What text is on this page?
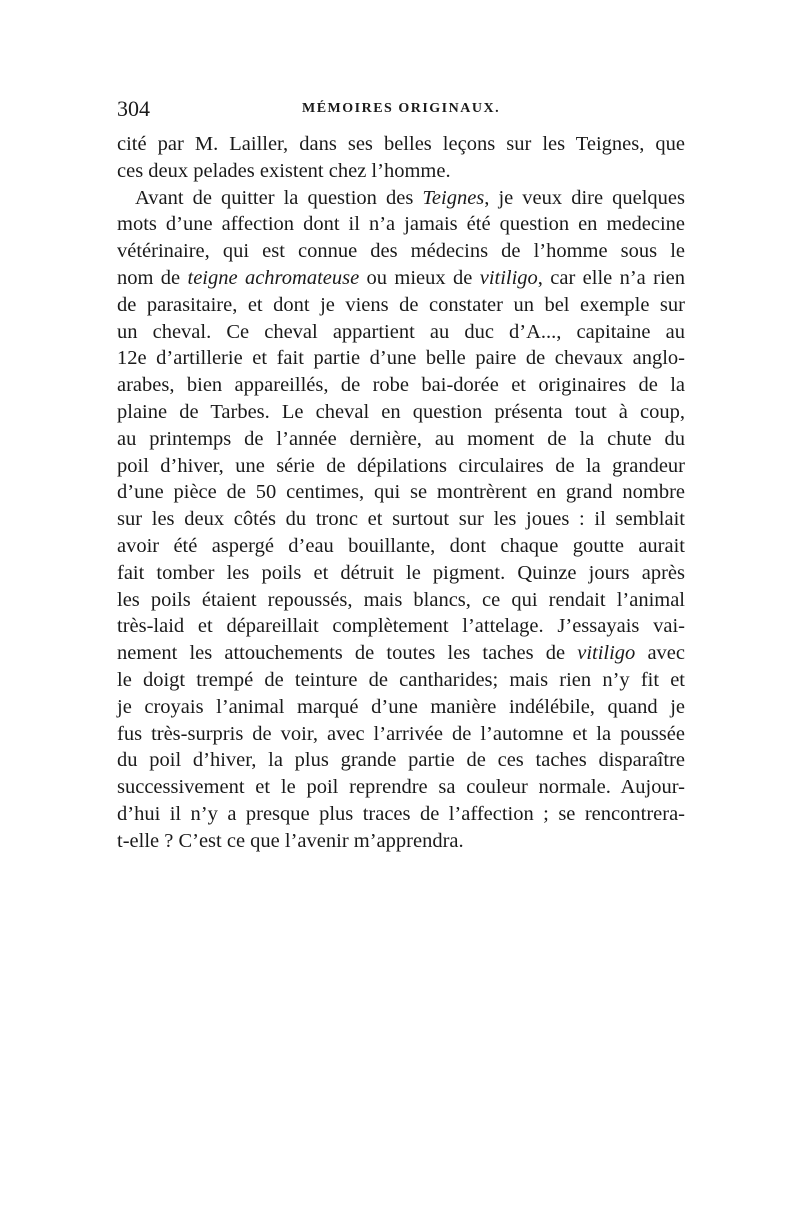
304	MÉMOIRES ORIGINAUX.
cité par M. Lailler, dans ses belles leçons sur les Teignes, que
ces deux pelades existent chez l’homme.
Avant de quitter la question des Teignes, je veux dire quelques
mots d’une affection dont il n’a jamais été question en medecine
vétérinaire, qui est connue des médecins de l’homme sous le
nom de teigne achromateuse ou mieux de vitiligo, car elle n’a rien
de parasitaire, et dont je viens de constater un bel exemple sur
un cheval. Ce cheval appartient au duc d’A..., capitaine au
12e d’artillerie et fait partie d’une belle paire de chevaux anglo-
arabes, bien appareillés, de robe bai-dorée et originaires de la
plaine de Tarbes. Le cheval en question présenta tout à coup,
au printemps de l’année dernière, au moment de la chute du
poil d’hiver, une série de dépilations circulaires de la grandeur
d’une pièce de 50 centimes, qui se montrèrent en grand nombre
sur les deux côtés du tronc et surtout sur les joues : il semblait
avoir été aspergé d’eau bouillante, dont chaque goutte aurait
fait tomber les poils et détruit le pigment. Quinze jours après
les poils étaient repoussés, mais blancs, ce qui rendait l’animal
très-laid et dépareillait complètement l’attelage. J’essayais vai-
nement les attouchements de toutes les taches de vitiligo avec
le doigt trempé de teinture de cantharides; mais rien n’y fit et
je croyais l’animal marqué d’une manière indélébile, quand je
fus très-surpris de voir, avec l’arrivée de l’automne et la poussée
du poil d’hiver, la plus grande partie de ces taches disparaître
successivement et le poil reprendre sa couleur normale. Aujour-
d’hui il n’y a presque plus traces de l’affection ; se rencontrera-
t-elle ? C’est ce que l’avenir m’apprendra.
